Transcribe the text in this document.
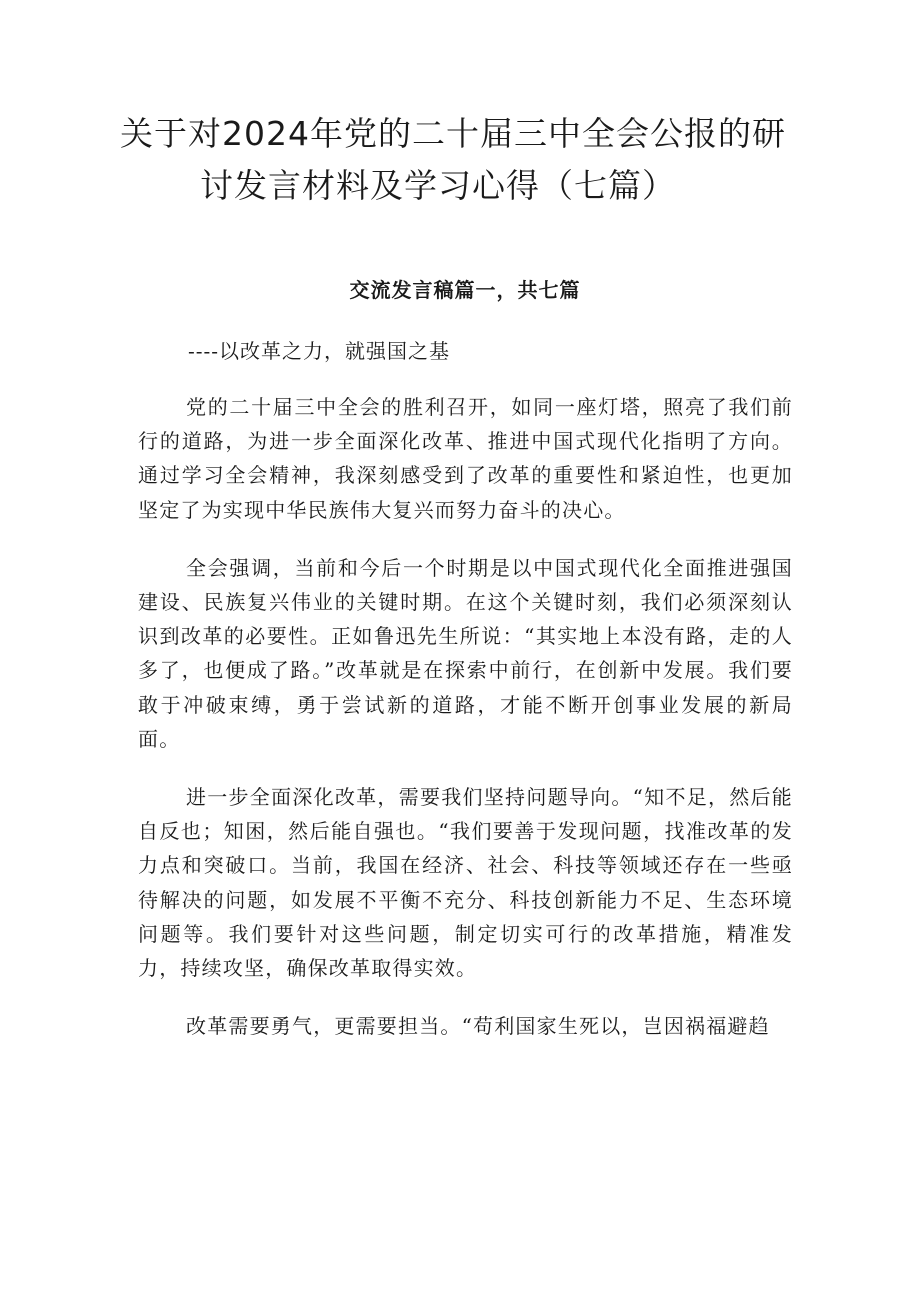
关于对2024年党的二十届三中全会公报的研
讨发言材料及学习心得（七篇）
交流发言稿篇一，共七篇
----以改革之力，就强国之基

党的二十届三中全会的胜利召开，如同一座灯塔，照亮了我们前行的道路，为进一步全面深化改革、推进中国式现代化指明了方向。通过学习全会精神，我深刻感受到了改革的重要性和紧迫性，也更加坚定了为实现中华民族伟大复兴而努力奋斗的决心。

全会强调，当前和今后一个时期是以中国式现代化全面推进强国建设、民族复兴伟业的关键时期。在这个关键时刻，我们必须深刻认识到改革的必要性。正如鲁迅先生所说：“其实地上本没有路，走的人多了，也便成了路。”改革就是在探索中前行，在创新中发展。我们要敢于冲破束缚，勇于尝试新的道路，才能不断开创事业发展的新局面。

进一步全面深化改革，需要我们坚持问题导向。“知不足，然后能自反也；知困，然后能自强也。“我们要善于发现问题，找准改革的发力点和突破口。当前，我国在经济、社会、科技等领域还存在一些亟待解决的问题，如发展不平衡不充分、科技创新能力不足、生态环境问题等。我们要针对这些问题，制定切实可行的改革措施，精准发力，持续攻坚，确保改革取得实效。

改革需要勇气，更需要担当。“苟利国家生死以，岂因祸福避趋
